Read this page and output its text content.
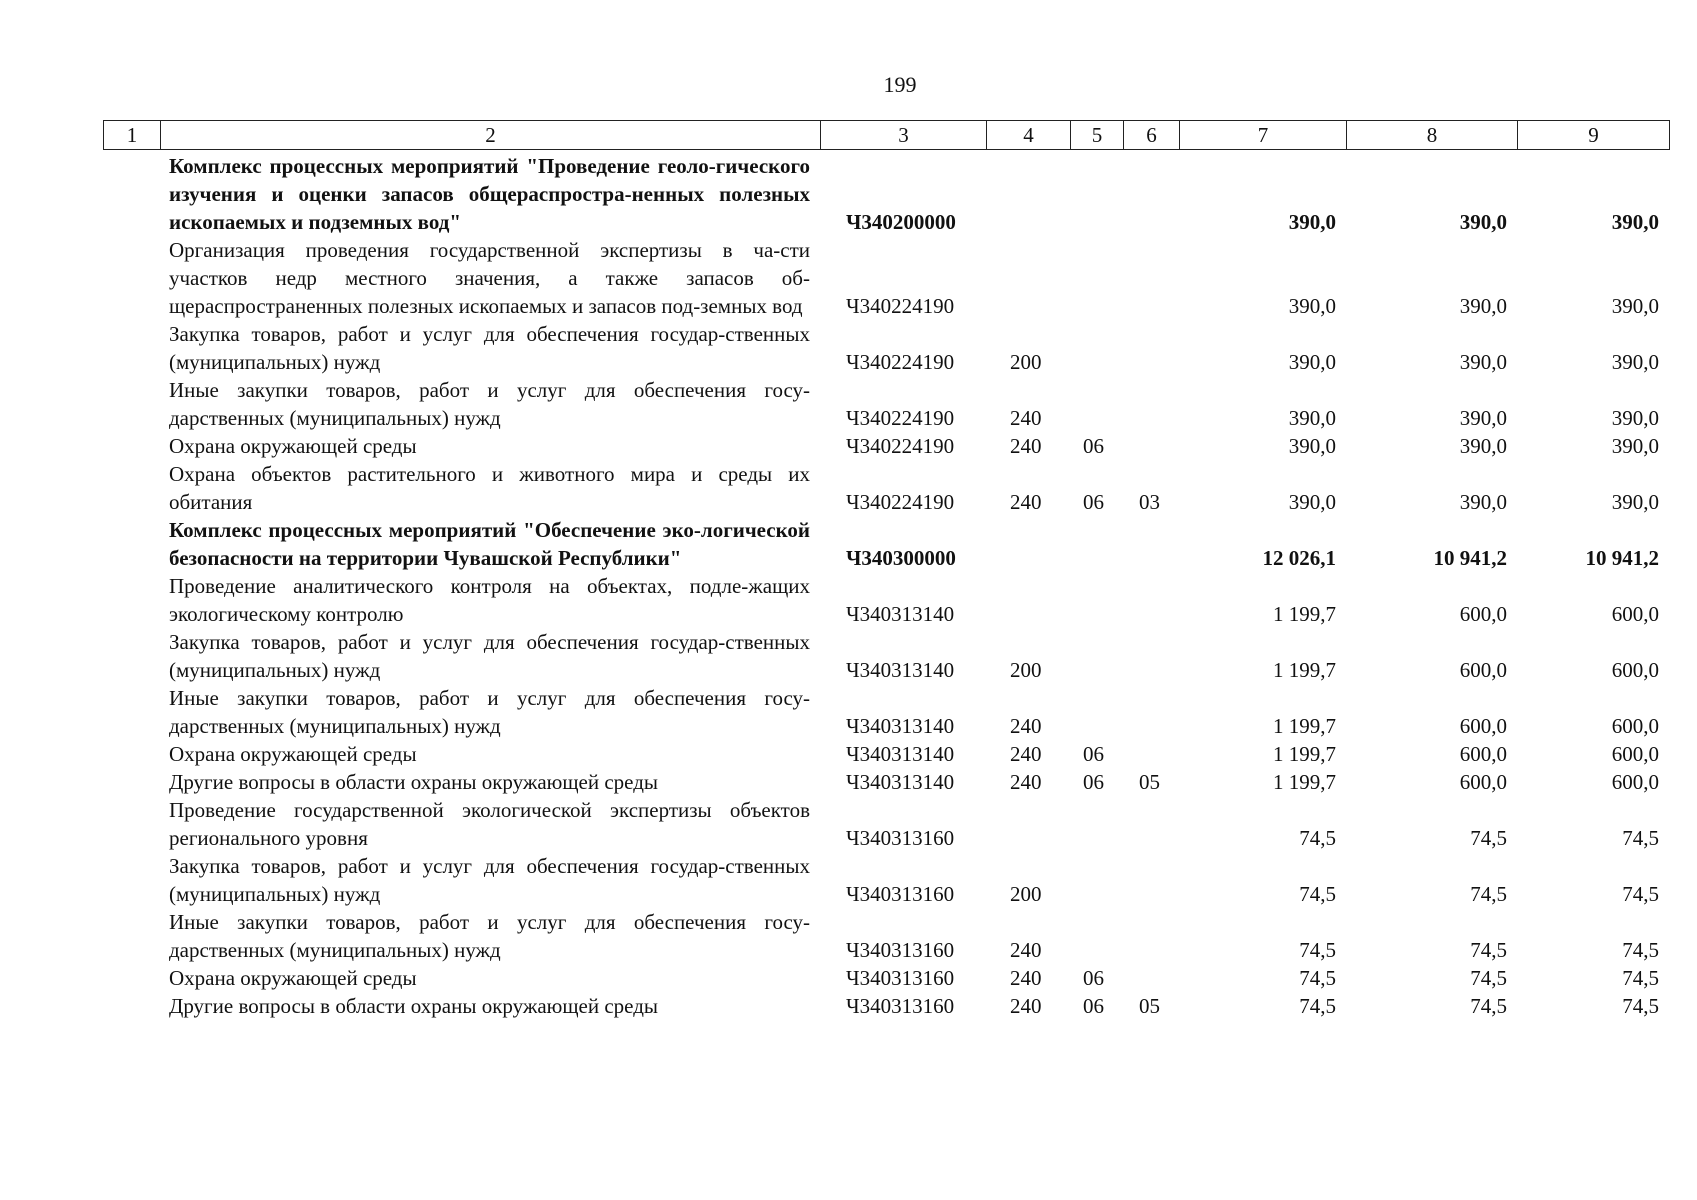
199
1	2	3	4	5	6	7	8	9
Комплекс процессных мероприятий "Проведение геоло-гического изучения и оценки запасов общераспростра-ненных полезных ископаемых и подземных вод"	Ч340200000				390,0	390,0	390,0
Организация проведения государственной экспертизы в ча-сти участков недр местного значения, а также запасов об-щераспространенных полезных ископаемых и запасов под-земных вод	Ч340224190				390,0	390,0	390,0
Закупка товаров, работ и услуг для обеспечения государ-ственных (муниципальных) нужд	Ч340224190	200			390,0	390,0	390,0
Иные закупки товаров, работ и услуг для обеспечения госу-дарственных (муниципальных) нужд	Ч340224190	240			390,0	390,0	390,0
Охрана окружающей среды	Ч340224190	240	06		390,0	390,0	390,0
Охрана объектов растительного и животного мира и среды их обитания	Ч340224190	240	06	03	390,0	390,0	390,0
Комплекс процессных мероприятий "Обеспечение эко-логической безопасности на территории Чувашской Республики"	Ч340300000				12 026,1	10 941,2	10 941,2
Проведение аналитического контроля на объектах, подле-жащих экологическому контролю	Ч340313140				1 199,7	600,0	600,0
Закупка товаров, работ и услуг для обеспечения государ-ственных (муниципальных) нужд	Ч340313140	200			1 199,7	600,0	600,0
Иные закупки товаров, работ и услуг для обеспечения госу-дарственных (муниципальных) нужд	Ч340313140	240			1 199,7	600,0	600,0
Охрана окружающей среды	Ч340313140	240	06		1 199,7	600,0	600,0
Другие вопросы в области охраны окружающей среды	Ч340313140	240	06	05	1 199,7	600,0	600,0
Проведение государственной экологической экспертизы объектов регионального уровня	Ч340313160				74,5	74,5	74,5
Закупка товаров, работ и услуг для обеспечения государ-ственных (муниципальных) нужд	Ч340313160	200			74,5	74,5	74,5
Иные закупки товаров, работ и услуг для обеспечения госу-дарственных (муниципальных) нужд	Ч340313160	240			74,5	74,5	74,5
Охрана окружающей среды	Ч340313160	240	06		74,5	74,5	74,5
Другие вопросы в области охраны окружающей среды	Ч340313160	240	06	05	74,5	74,5	74,5
